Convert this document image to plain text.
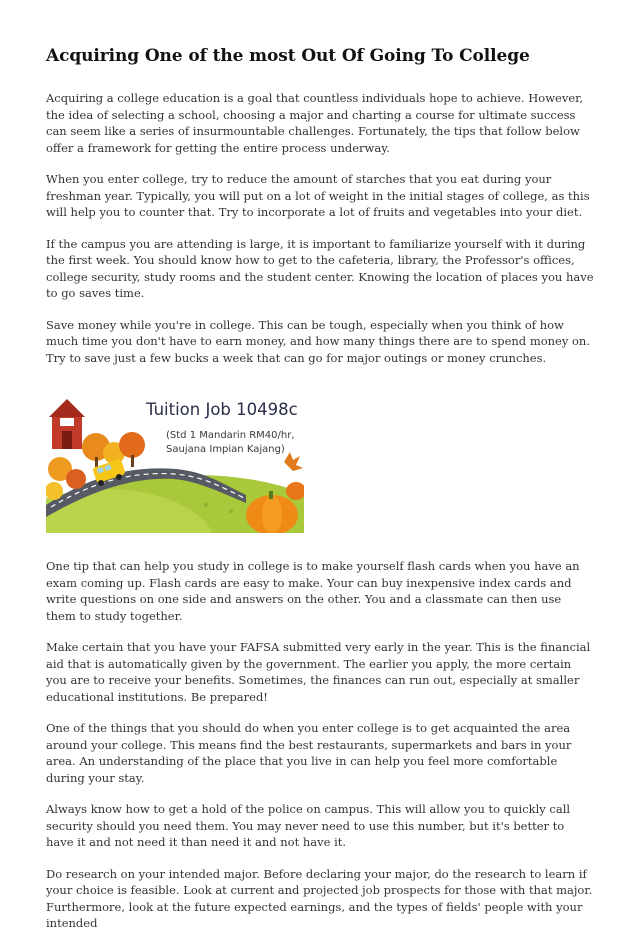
Acquiring One of the most Out Of Going To College

Acquiring a college education is a goal that countless individuals hope to achieve. However, the idea of selecting a school, choosing a major and charting a course for ultimate success can seem like a series of insurmountable challenges. Fortunately, the tips that follow below offer a framework for getting the entire process underway.

When you enter college, try to reduce the amount of starches that you eat during your freshman year. Typically, you will put on a lot of weight in the initial stages of college, as this will help you to counter that. Try to incorporate a lot of fruits and vegetables into your diet.

If the campus you are attending is large, it is important to familiarize yourself with it during the first week. You should know how to get to the cafeteria, library, the Professor's offices, college security, study rooms and the student center. Knowing the location of places you have to go saves time.

Save money while you're in college. This can be tough, especially when you think of how much time you don't have to earn money, and how many things there are to spend money on. Try to save just a few bucks a week that can go for major outings or money crunches.

Tuition Job 10498c
(Std 1 Mandarin RM40/hr,
Saujana Impian Kajang)

One tip that can help you study in college is to make yourself flash cards when you have an exam coming up. Flash cards are easy to make. Your can buy inexpensive index cards and write questions on one side and answers on the other. You and a classmate can then use them to study together.

Make certain that you have your FAFSA submitted very early in the year. This is the financial aid that is automatically given by the government. The earlier you apply, the more certain you are to receive your benefits. Sometimes, the finances can run out, especially at smaller educational institutions. Be prepared!

One of the things that you should do when you enter college is to get acquainted the area around your college. This means find the best restaurants, supermarkets and bars in your area. An understanding of the place that you live in can help you feel more comfortable during your stay.

Always know how to get a hold of the police on campus. This will allow you to quickly call security should you need them. You may never need to use this number, but it's better to have it and not need it than need it and not have it.

Do research on your intended major. Before declaring your major, do the research to learn if your choice is feasible. Look at current and projected job prospects for those with that major. Furthermore, look at the future expected earnings, and the types of fields' people with your intended
